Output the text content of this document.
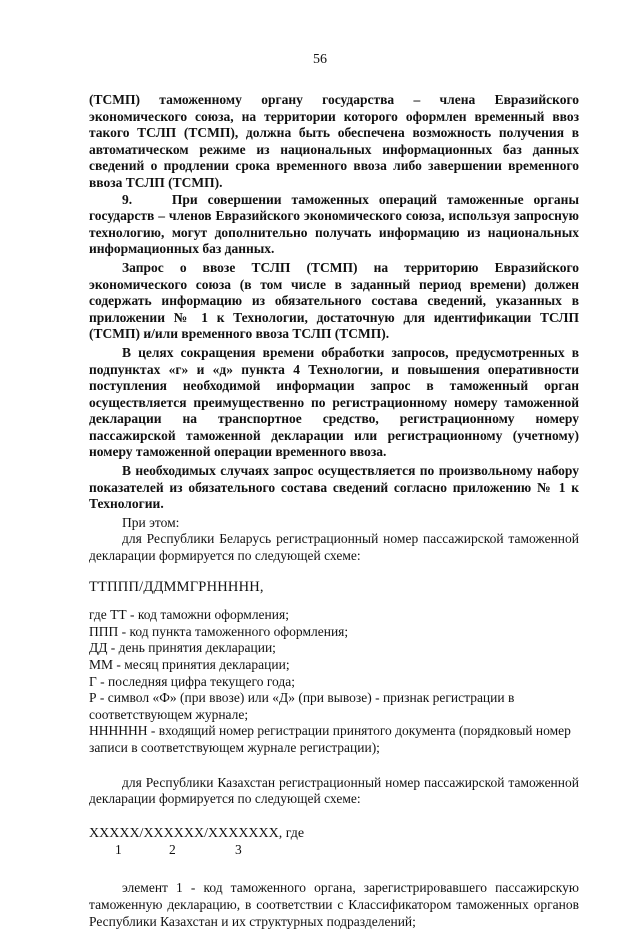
56

(ТСМП) таможенному органу государства – члена Евразийского экономического союза, на территории которого оформлен временный ввоз такого ТСЛП (ТСМП), должна быть обеспечена возможность получения в автоматическом режиме из национальных информационных баз данных сведений о продлении срока временного ввоза либо завершении временного ввоза ТСЛП (ТСМП).

9.    При совершении таможенных операций таможенные органы государств – членов Евразийского экономического союза, используя запросную технологию, могут дополнительно получать информацию из национальных информационных баз данных.

Запрос о ввозе ТСЛП (ТСМП) на территорию Евразийского экономического союза (в том числе в заданный период времени) должен содержать информацию из обязательного состава сведений, указанных в приложении № 1 к Технологии, достаточную для идентификации ТСЛП (ТСМП) и/или временного ввоза ТСЛП (ТСМП).

В целях сокращения времени обработки запросов, предусмотренных в подпунктах «г» и «д» пункта 4 Технологии, и повышения оперативности поступления необходимой информации запрос в таможенный орган осуществляется преимущественно по регистрационному номеру таможенной декларации на транспортное средство, регистрационному номеру пассажирской таможенной декларации или регистрационному (учетному) номеру таможенной операции временного ввоза.

В необходимых случаях запрос осуществляется по произвольному набору показателей из обязательного состава сведений согласно приложению № 1 к Технологии.

При этом:

для Республики Беларусь регистрационный номер пассажирской таможенной декларации формируется по следующей схеме:

ТТППП/ДДММГРННННН,

где ТТ - код таможни оформления;

ППП - код пункта таможенного оформления;

ДД - день принятия декларации;

ММ - месяц принятия декларации;

Г - последняя цифра текущего года;

Р - символ «Ф» (при ввозе) или «Д» (при вывозе) - признак регистрации в соответствующем журнале;

НННННН - входящий номер регистрации принятого документа (порядковый номер записи в соответствующем журнале регистрации);

для Республики Казахстан регистрационный номер пассажирской таможенной декларации формируется по следующей схеме:

ХХХХХ/ХХХХХХ/ХХХХХХХ, где

1	2	3

элемент 1 - код таможенного органа, зарегистрировавшего пассажирскую таможенную декларацию, в соответствии с Классификатором таможенных органов Республики Казахстан и их структурных подразделений;
